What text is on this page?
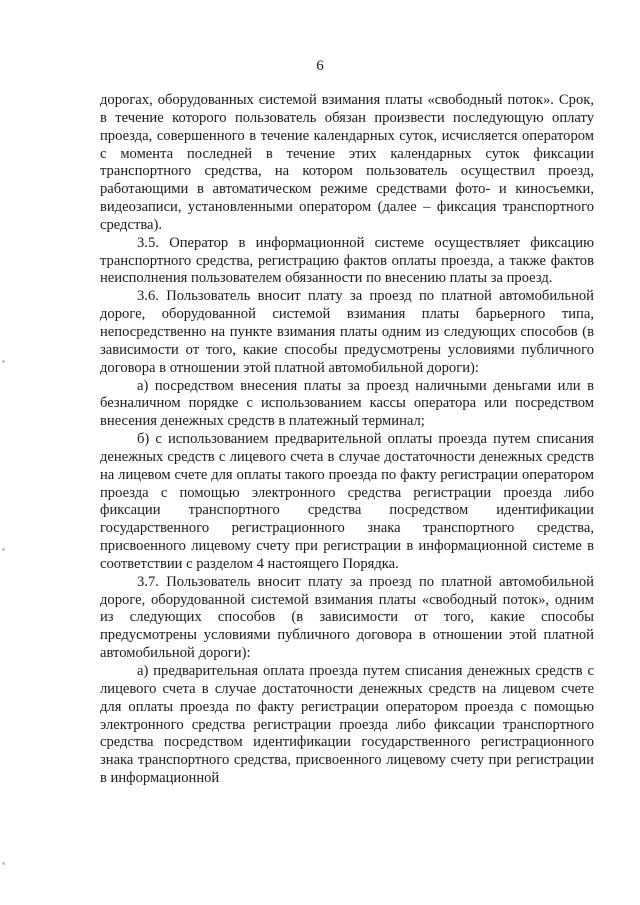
6

дорогах, оборудованных системой взимания платы «свободный поток». Срок, в течение которого пользователь обязан произвести последующую оплату проезда, совершенного в течение календарных суток, исчисляется оператором с момента последней в течение этих календарных суток фиксации транспортного средства, на котором пользователь осуществил проезд, работающими в автоматическом режиме средствами фото- и киносъемки, видеозаписи, установленными оператором (далее – фиксация транспортного средства).

3.5. Оператор в информационной системе осуществляет фиксацию транспортного средства, регистрацию фактов оплаты проезда, а также фактов неисполнения пользователем обязанности по внесению платы за проезд.

3.6. Пользователь вносит плату за проезд по платной автомобильной дороге, оборудованной системой взимания платы барьерного типа, непосредственно на пункте взимания платы одним из следующих способов (в зависимости от того, какие способы предусмотрены условиями публичного договора в отношении этой платной автомобильной дороги):

а) посредством внесения платы за проезд наличными деньгами или в безналичном порядке с использованием кассы оператора или посредством внесения денежных средств в платежный терминал;

б) с использованием предварительной оплаты проезда путем списания денежных средств с лицевого счета в случае достаточности денежных средств на лицевом счете для оплаты такого проезда по факту регистрации оператором проезда с помощью электронного средства регистрации проезда либо фиксации транспортного средства посредством идентификации государственного регистрационного знака транспортного средства, присвоенного лицевому счету при регистрации в информационной системе в соответствии с разделом 4 настоящего Порядка.

3.7. Пользователь вносит плату за проезд по платной автомобильной дороге, оборудованной системой взимания платы «свободный поток», одним из следующих способов (в зависимости от того, какие способы предусмотрены условиями публичного договора в отношении этой платной автомобильной дороги):

а) предварительная оплата проезда путем списания денежных средств с лицевого счета в случае достаточности денежных средств на лицевом счете для оплаты проезда по факту регистрации оператором проезда с помощью электронного средства регистрации проезда либо фиксации транспортного средства посредством идентификации государственного регистрационного знака транспортного средства, присвоенного лицевому счету при регистрации в информационной
